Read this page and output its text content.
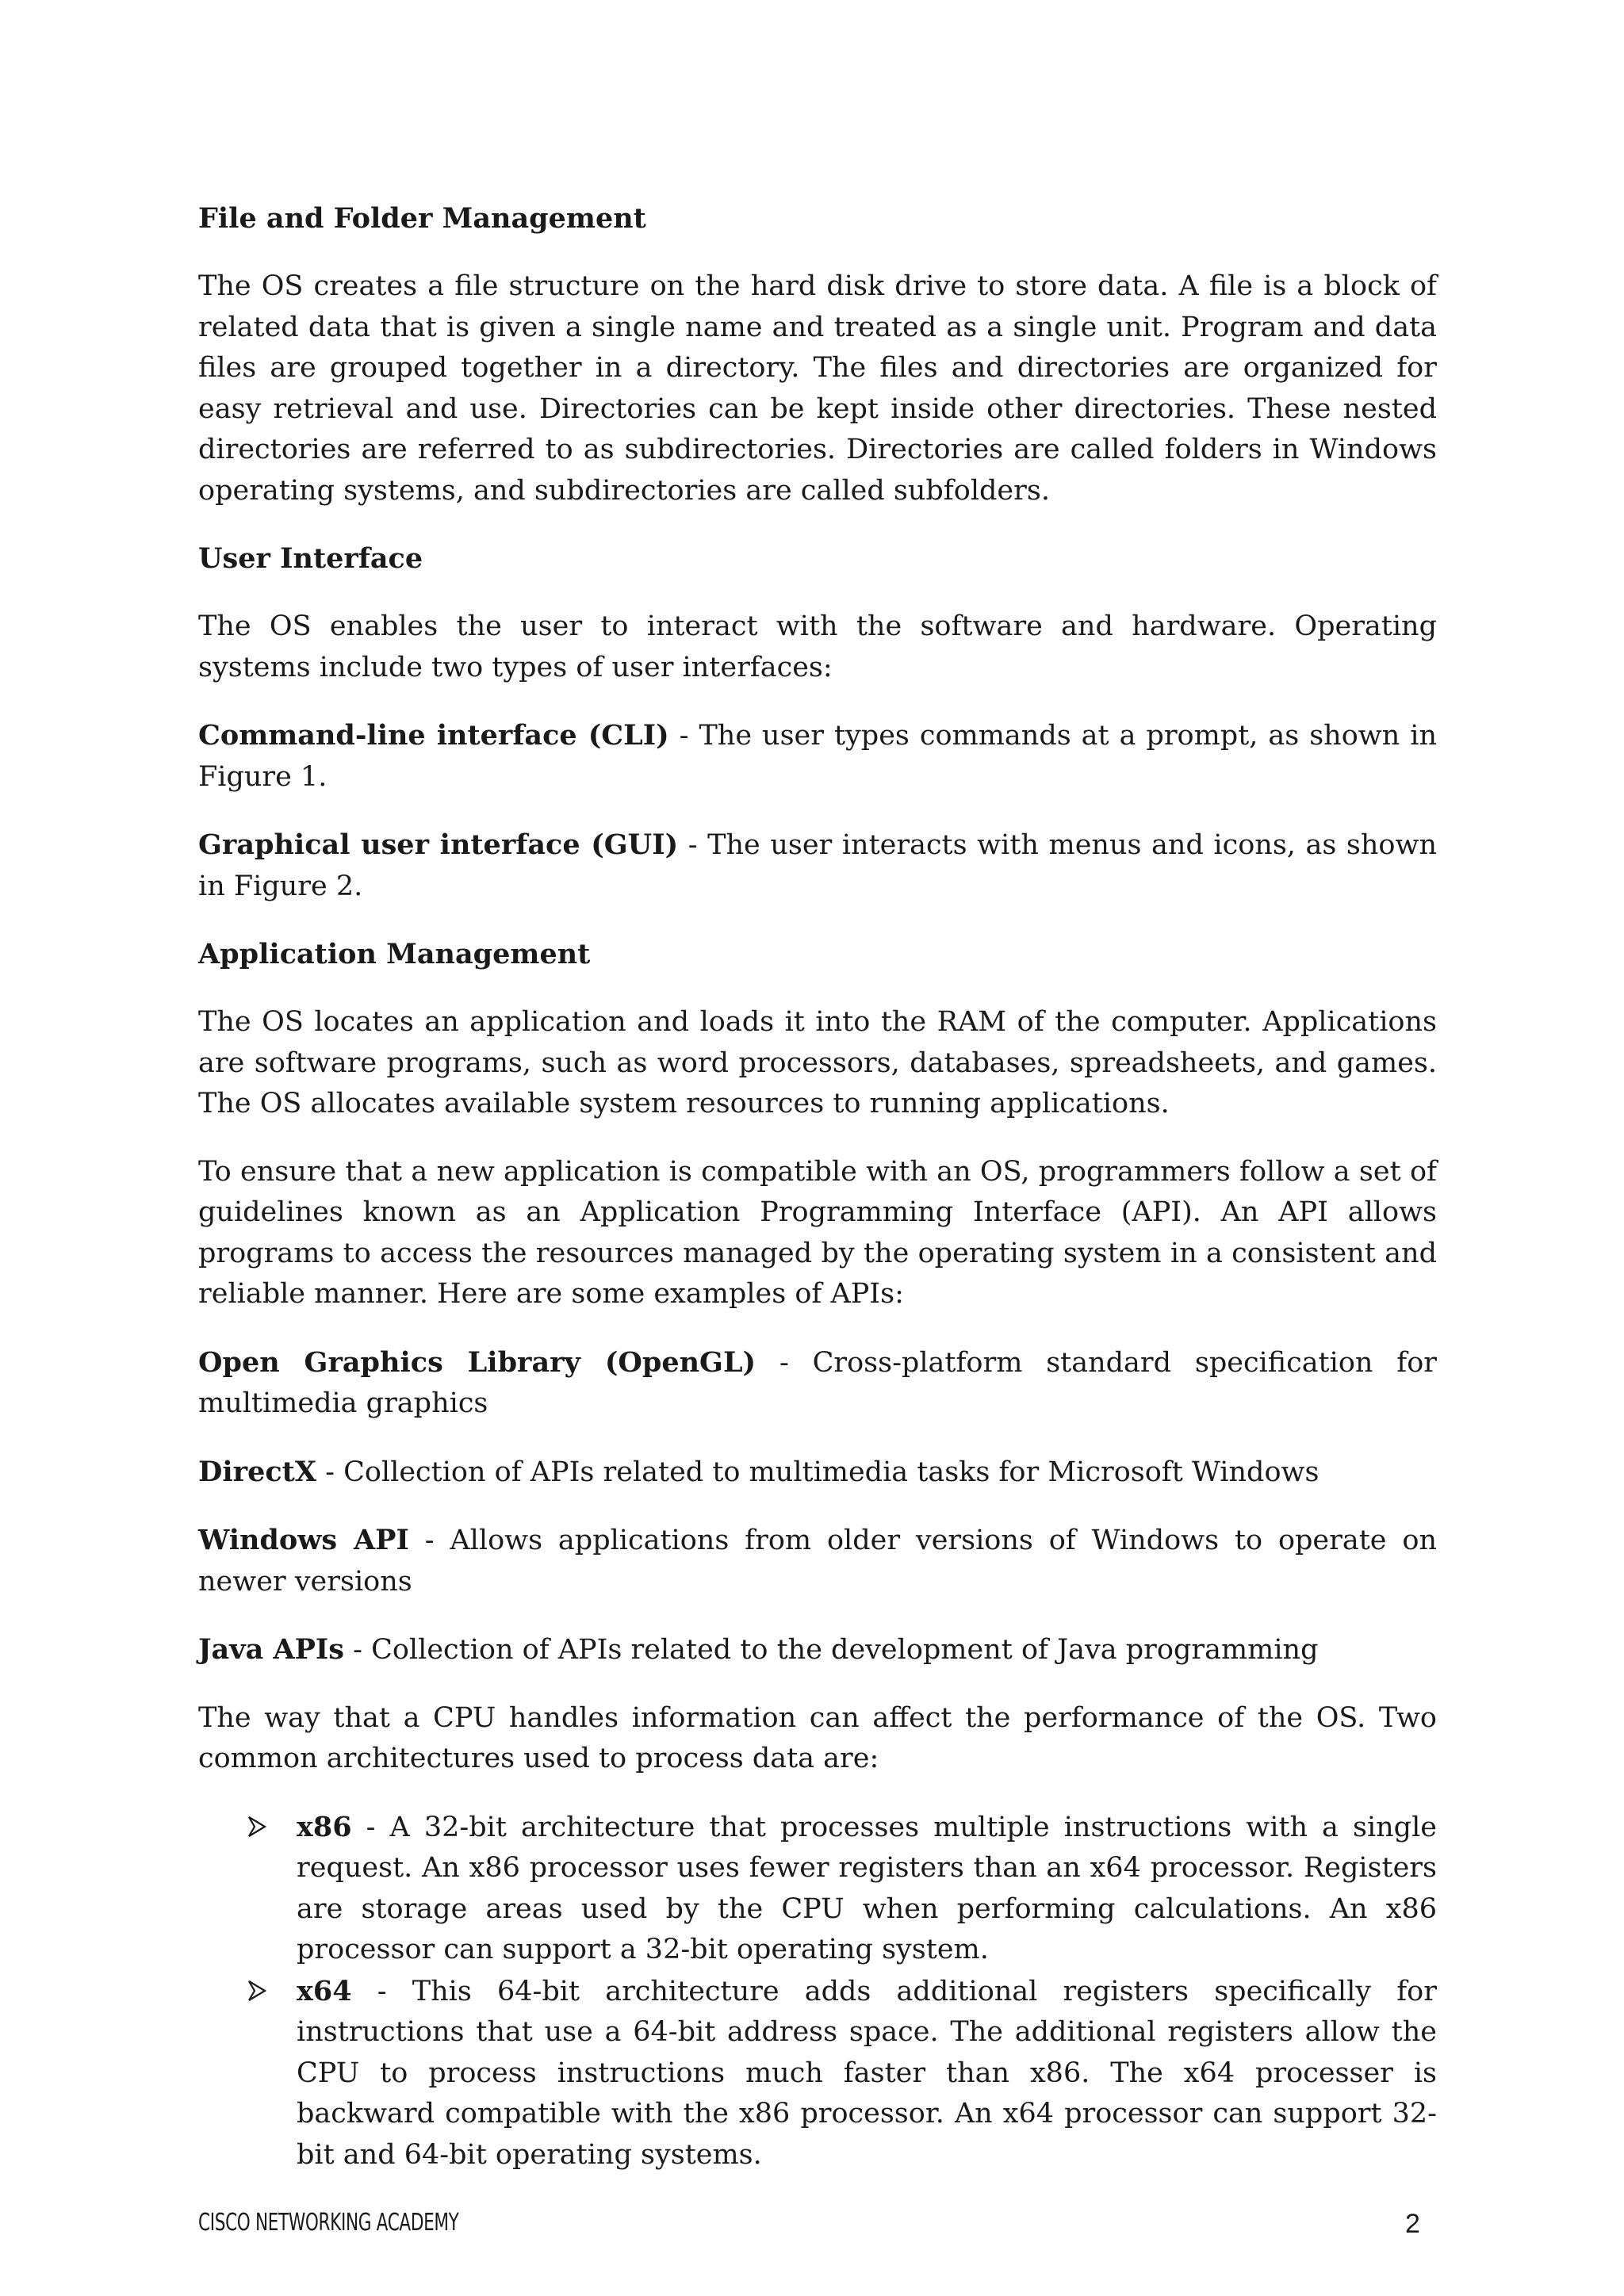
File and Folder Management

The OS creates a file structure on the hard disk drive to store data. A file is a block of related data that is given a single name and treated as a single unit. Program and data files are grouped together in a directory. The files and directories are organized for easy retrieval and use. Directories can be kept inside other directories. These nested directories are referred to as subdirectories. Directories are called folders in Windows operating systems, and subdirectories are called subfolders.

User Interface

The OS enables the user to interact with the software and hardware. Operating systems include two types of user interfaces:

Command-line interface (CLI) - The user types commands at a prompt, as shown in Figure 1.

Graphical user interface (GUI) - The user interacts with menus and icons, as shown in Figure 2.

Application Management

The OS locates an application and loads it into the RAM of the computer. Applications are software programs, such as word processors, databases, spreadsheets, and games. The OS allocates available system resources to running applications.

To ensure that a new application is compatible with an OS, programmers follow a set of guidelines known as an Application Programming Interface (API). An API allows programs to access the resources managed by the operating system in a consistent and reliable manner. Here are some examples of APIs:

Open Graphics Library (OpenGL) - Cross-platform standard specification for multimedia graphics

DirectX - Collection of APIs related to multimedia tasks for Microsoft Windows

Windows API - Allows applications from older versions of Windows to operate on newer versions

Java APIs - Collection of APIs related to the development of Java programming

The way that a CPU handles information can affect the performance of the OS. Two common architectures used to process data are:

x86 - A 32-bit architecture that processes multiple instructions with a single request. An x86 processor uses fewer registers than an x64 processor. Registers are storage areas used by the CPU when performing calculations. An x86 processor can support a 32-bit operating system.
x64 - This 64-bit architecture adds additional registers specifically for instructions that use a 64-bit address space. The additional registers allow the CPU to process instructions much faster than x86. The x64 processer is backward compatible with the x86 processor. An x64 processor can support 32-bit and 64-bit operating systems.
CISCO NETWORKING ACADEMY	2
